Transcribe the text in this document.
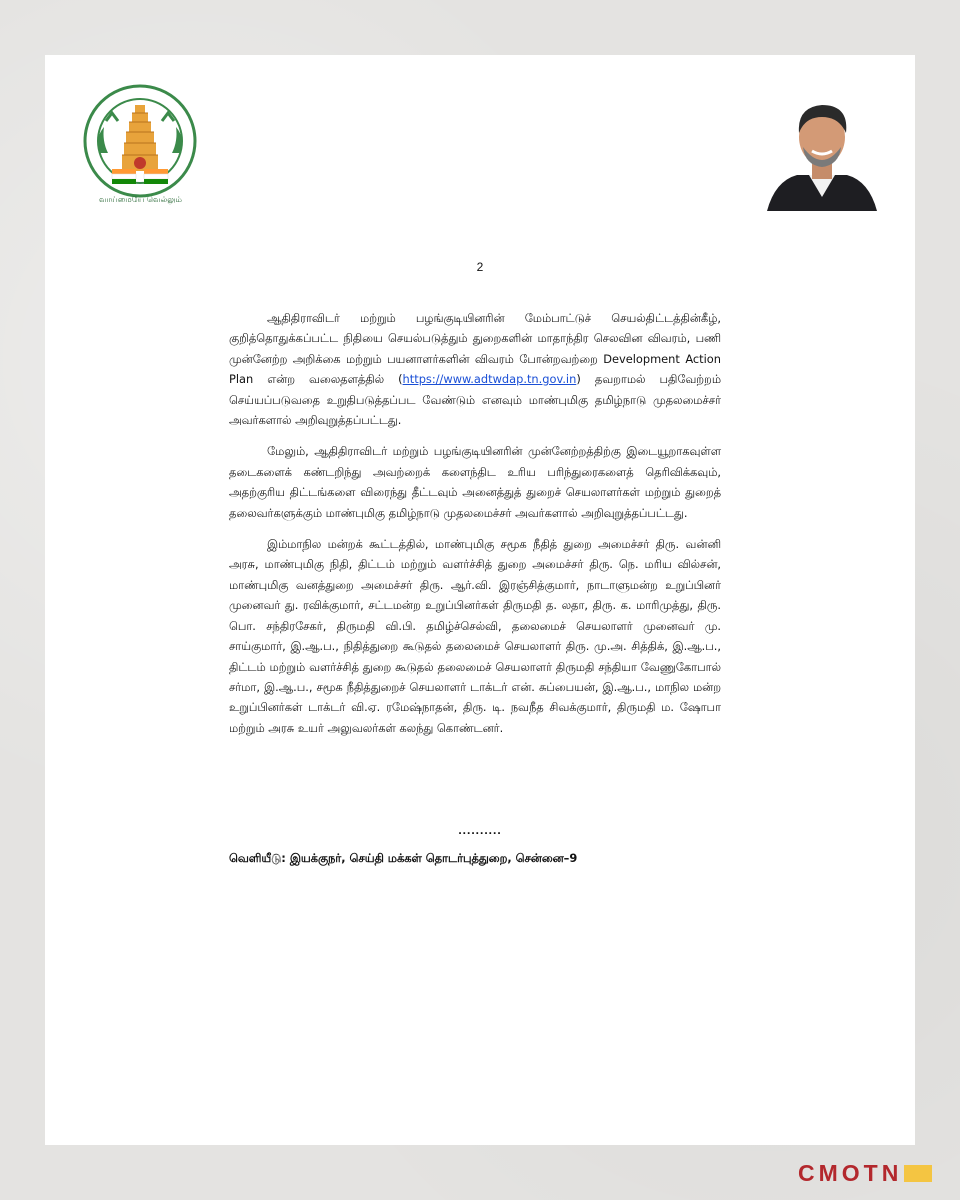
வாய்மையே வெல்லும்
2

ஆதிதிராவிடர் மற்றும் பழங்குடியினரின் மேம்பாட்டுச் செயல்திட்டத்தின்கீழ், குறித்தொதுக்கப்பட்ட நிதியை செயல்படுத்தும் துறைகளின் மாதாந்திர செலவின விவரம், பணி முன்னேற்ற அறிக்கை மற்றும் பயனாளர்களின் விவரம் போன்றவற்றை Development Action Plan என்ற வலைதளத்தில் (https://www.adtwdap.tn.gov.in) தவறாமல் பதிவேற்றம் செய்யப்படுவதை உறுதிபடுத்தப்பட வேண்டும் எனவும் மாண்புமிகு தமிழ்நாடு முதலமைச்சர் அவர்களால் அறிவுறுத்தப்பட்டது.

மேலும், ஆதிதிராவிடர் மற்றும் பழங்குடியினரின் முன்னேற்றத்திற்கு இடையூறாகவுள்ள தடைகளைக் கண்டறிந்து அவற்றைக் களைந்திட உரிய பரிந்துரைகளைத் தெரிவிக்கவும், அதற்குரிய திட்டங்களை விரைந்து தீட்டவும் அனைத்துத் துறைச் செயலாளர்கள் மற்றும் துறைத் தலைவர்களுக்கும் மாண்புமிகு தமிழ்நாடு முதலமைச்சர் அவர்களால் அறிவுறுத்தப்பட்டது.

இம்மாநில மன்றக் கூட்டத்தில், மாண்புமிகு சமூக நீதித் துறை அமைச்சர் திரு. வன்னி அரசு, மாண்புமிகு நிதி, திட்டம் மற்றும் வளர்ச்சித் துறை அமைச்சர் திரு. நெ. மரிய வில்சன், மாண்புமிகு வனத்துறை அமைச்சர் திரு. ஆர்.வி. இரஞ்சித்குமார், நாடாளுமன்ற உறுப்பினர் முனைவர் து. ரவிக்குமார், சட்டமன்ற உறுப்பினர்கள் திருமதி த. லதா, திரு. க. மாரிமுத்து, திரு. பொ. சந்திரசேகர், திருமதி வி.பி. தமிழ்ச்செல்வி, தலைமைச் செயலாளர் முனைவர் மு. சாய்குமார், இ.ஆ.ப., நிதித்துறை கூடுதல் தலைமைச் செயலாளர் திரு. மு.அ. சித்திக், இ.ஆ.ப., திட்டம் மற்றும் வளர்ச்சித் துறை கூடுதல் தலைமைச் செயலாளர் திருமதி சந்தியா வேணுகோபால் சர்மா, இ.ஆ.ப., சமூக நீதித்துறைச் செயலாளர் டாக்டர் என். சுப்பையன், இ.ஆ.ப., மாநில மன்ற உறுப்பினர்கள் டாக்டர் வி.ஏ. ரமேஷ்நாதன், திரு. டி. நவநீத சிவக்குமார், திருமதி ம. ஷோபா மற்றும் அரசு உயர் அலுவலர்கள் கலந்து கொண்டனர்.

..........
வெளியீடு: இயக்குநர், செய்தி மக்கள் தொடர்புத்துறை, சென்னை–9
CMOTN
